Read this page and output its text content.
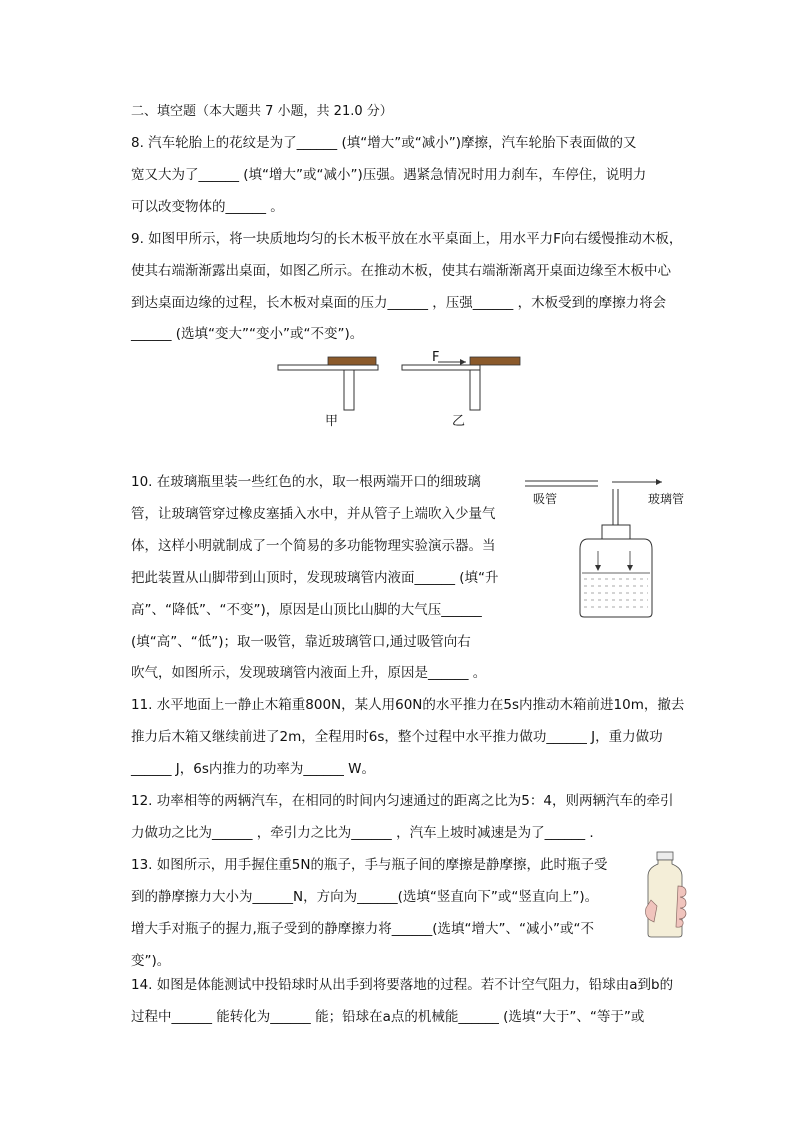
二、填空题（本大题共 7 小题，共 21.0 分）
8. 汽车轮胎上的花纹是为了______ (填“增大”或“减小”)摩擦，汽车轮胎下表面做的又
宽又大为了______ (填“增大”或“减小”)压强。遇紧急情况时用力刹车，车停住，说明力
可以改变物体的______ 。
9. 如图甲所示，将一块质地均匀的长木板平放在水平桌面上，用水平力F向右缓慢推动木板，
使其右端渐渐露出桌面，如图乙所示。在推动木板，使其右端渐渐离开桌面边缘至木板中心
到达桌面边缘的过程，长木板对桌面的压力______ ，压强______ ，木板受到的摩擦力将会
______ (选填“变大”“变小”或“不变”)。
F
甲	乙
10. 在玻璃瓶里装一些红色的水，取一根两端开口的细玻璃
管，让玻璃管穿过橡皮塞插入水中，并从管子上端吹入少量气
体，这样小明就制成了一个简易的多功能物理实验演示器。当
把此装置从山脚带到山顶时，发现玻璃管内液面______ (填“升
高”、“降低”、“不变”)，原因是山顶比山脚的大气压______
(填“高”、“低”)；取一吸管，靠近玻璃管口,通过吸管向右
吹气，如图所示，发现玻璃管内液面上升，原因是______ 。
吸管	玻璃管
11. 水平地面上一静止木箱重800N，某人用60N的水平推力在5s内推动木箱前进10m，撤去
推力后木箱又继续前进了2m，全程用时6s，整个过程中水平推力做功______ J，重力做功
______ J，6s内推力的功率为______ W。
12. 功率相等的两辆汽车，在相同的时间内匀速通过的距离之比为5：4，则两辆汽车的牵引
力做功之比为______ ，牵引力之比为______ ，汽车上坡时减速是为了______ .
13. 如图所示，用手握住重5N的瓶子，手与瓶子间的摩擦是静摩擦，此时瓶子受
到的静摩擦力大小为______N，方向为______(选填“竖直向下”或“竖直向上”)。
增大手对瓶子的握力,瓶子受到的静摩擦力将______(选填“增大”、“减小”或“不
变”)。
14. 如图是体能测试中投铅球时从出手到将要落地的过程。若不计空气阻力，铅球由a到b的
过程中______ 能转化为______ 能；铅球在a点的机械能______ (选填“大于”、“等于”或
